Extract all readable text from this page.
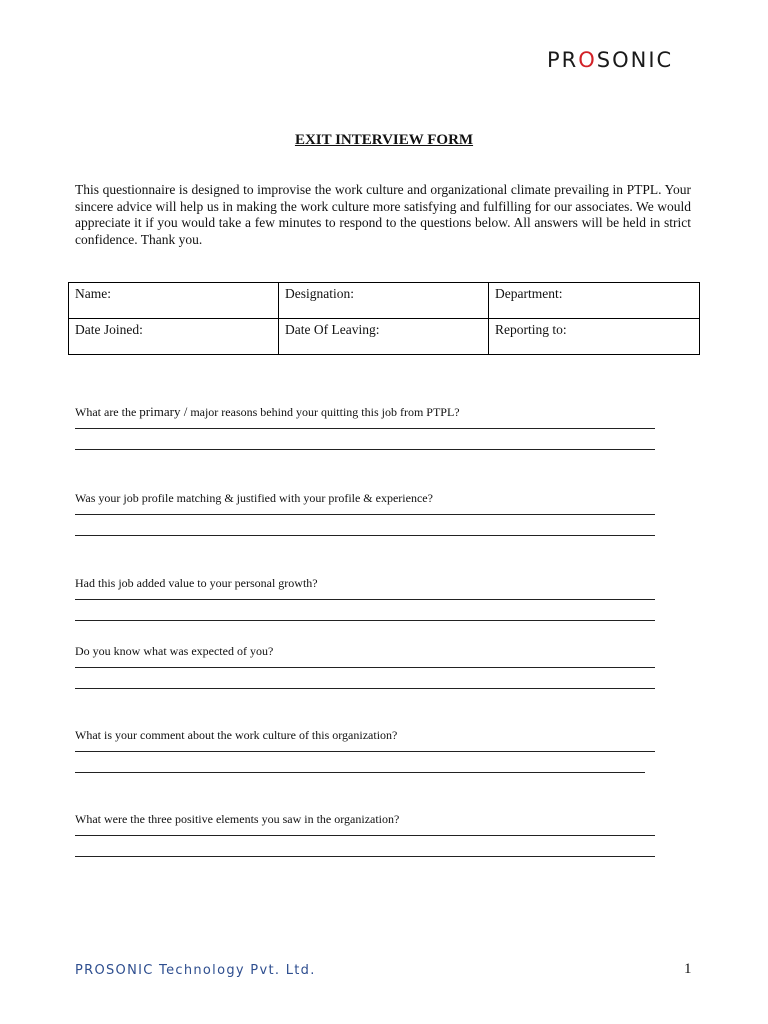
PROSONIC
EXIT INTERVIEW FORM
This questionnaire is designed to improvise the work culture and organizational climate prevailing in PTPL. Your sincere advice will help us in making the work culture more satisfying and fulfilling for our associates. We would appreciate it if you would take a few minutes to respond to the questions below. All answers will be held in strict confidence. Thank you.
Name:	Designation:	Department:
Date Joined:	Date Of Leaving:	Reporting to:
What are the primary / major reasons behind your quitting this job from PTPL?
Was your job profile matching & justified with your profile & experience?
Had this job added value to your personal growth?
Do you know what was expected of you?
What is your comment about the work culture of this organization?
What were the three positive elements you saw in the organization?
PROSONIC Technology Pvt. Ltd.	1
